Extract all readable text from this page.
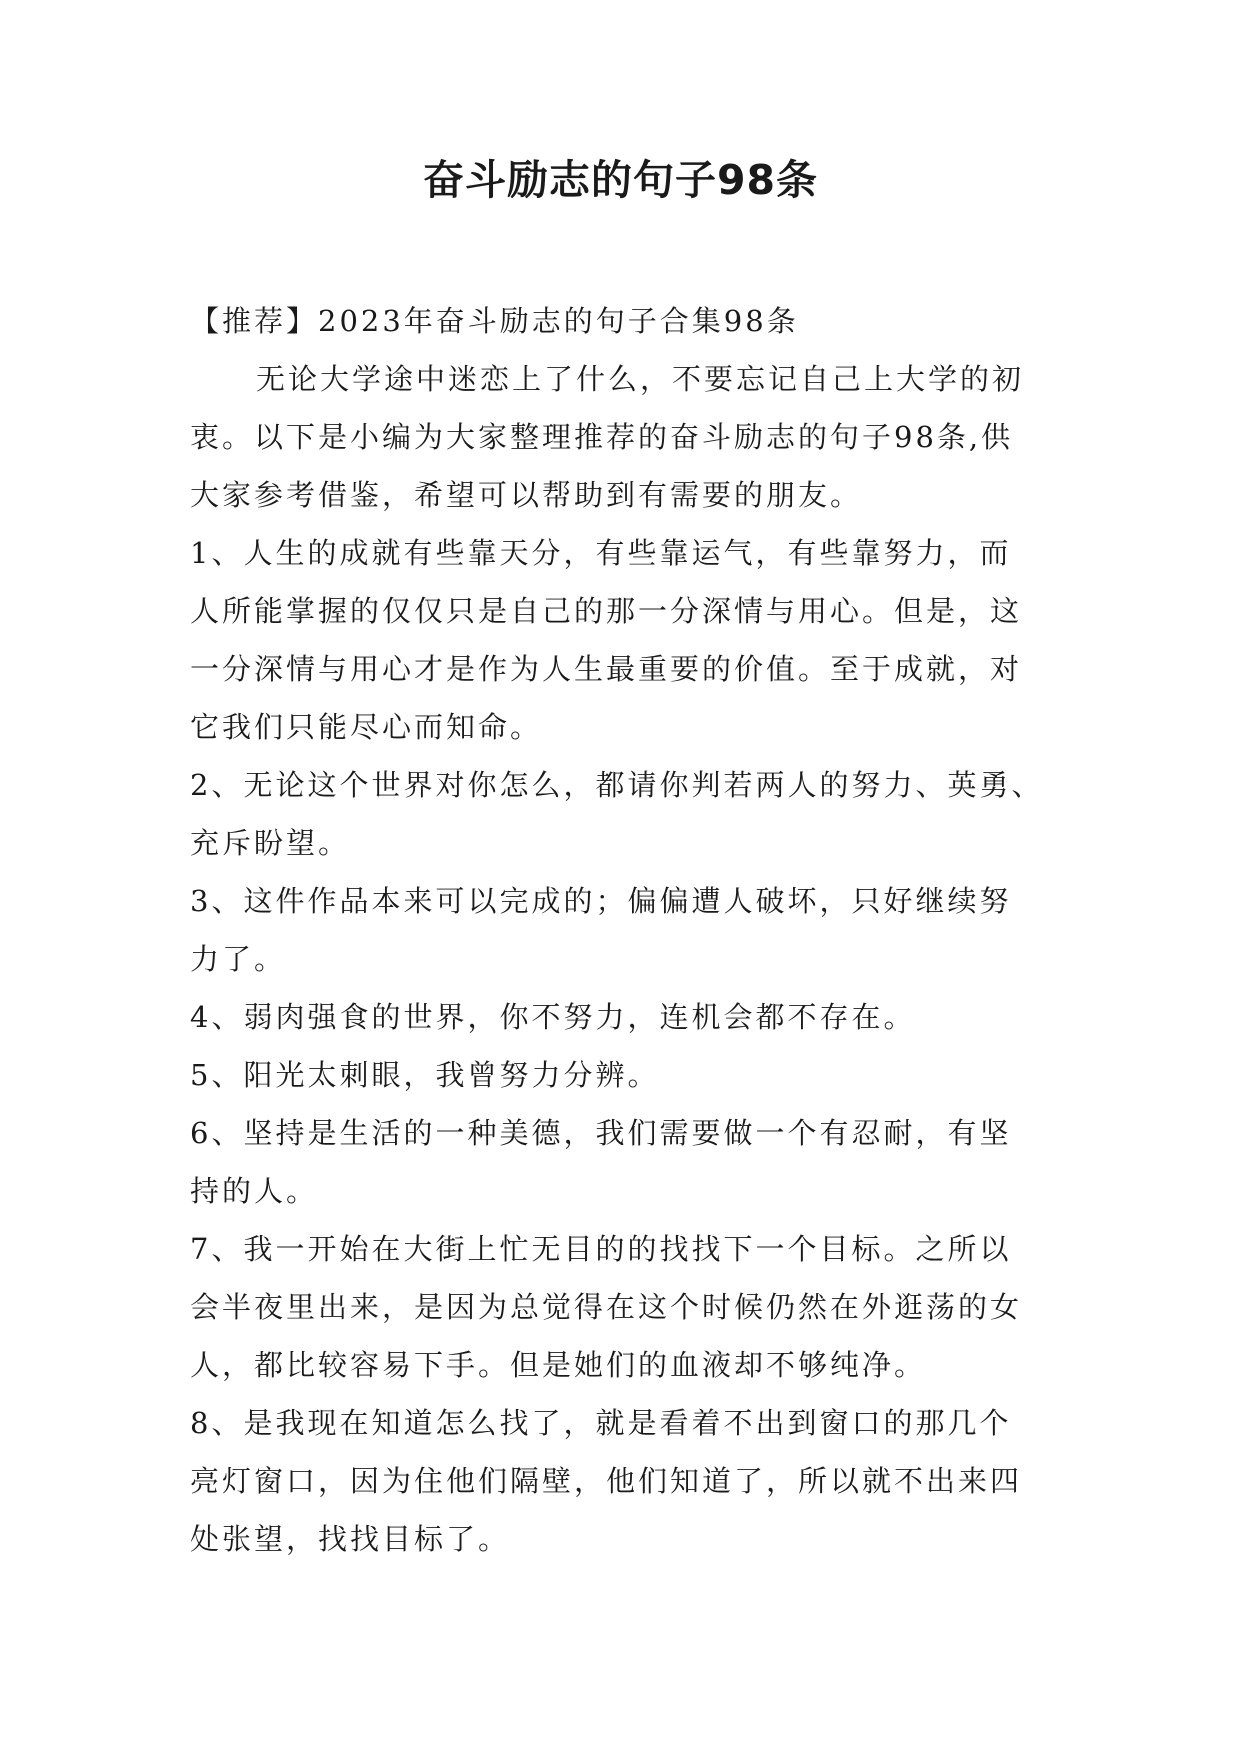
奋斗励志的句子98条

【推荐】2023年奋斗励志的句子合集98条

无论大学途中迷恋上了什么，不要忘记自己上大学的初
衷。以下是小编为大家整理推荐的奋斗励志的句子98条,供
大家参考借鉴，希望可以帮助到有需要的朋友。

1、人生的成就有些靠天分，有些靠运气，有些靠努力，而
人所能掌握的仅仅只是自己的那一分深情与用心。但是，这
一分深情与用心才是作为人生最重要的价值。至于成就，对
它我们只能尽心而知命。

2、无论这个世界对你怎么，都请你判若两人的努力、英勇、
充斥盼望。

3、这件作品本来可以完成的；偏偏遭人破坏，只好继续努
力了。

4、弱肉强食的世界，你不努力，连机会都不存在。

5、阳光太刺眼，我曾努力分辨。

6、坚持是生活的一种美德，我们需要做一个有忍耐，有坚
持的人。

7、我一开始在大街上忙无目的的找找下一个目标。之所以
会半夜里出来，是因为总觉得在这个时候仍然在外逛荡的女
人，都比较容易下手。但是她们的血液却不够纯净。

8、是我现在知道怎么找了，就是看着不出到窗口的那几个
亮灯窗口，因为住他们隔壁，他们知道了，所以就不出来四
处张望，找找目标了。
